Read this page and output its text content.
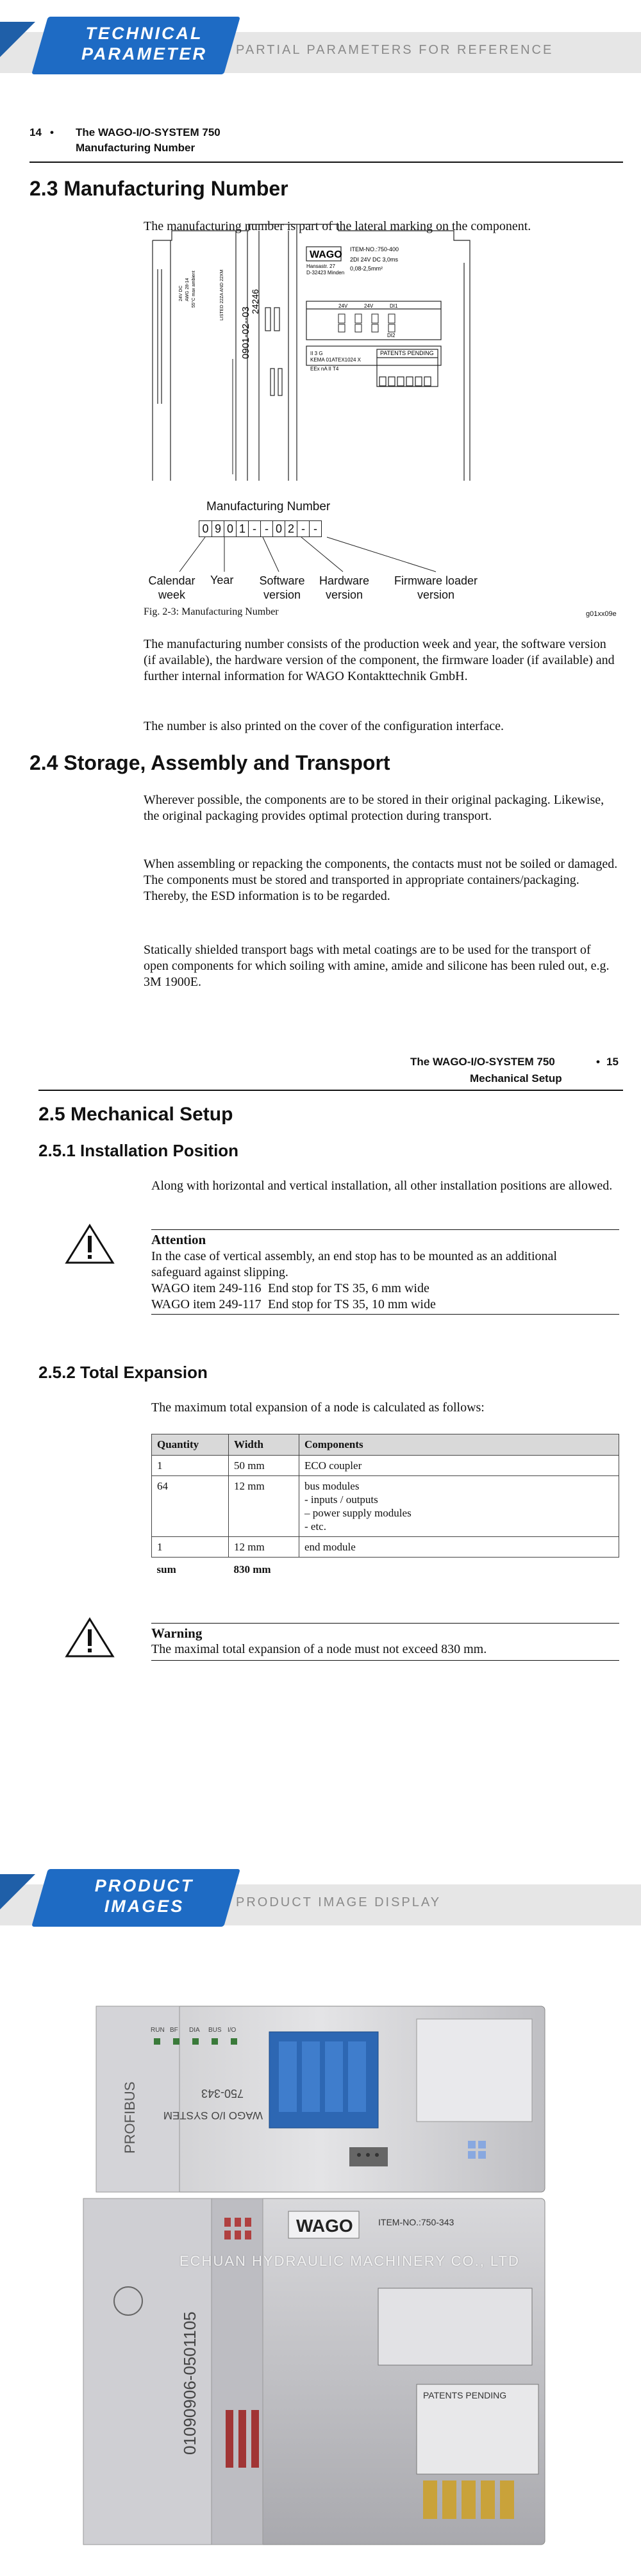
TECHNICAL PARAMETER	PARTIAL PARAMETERS FOR REFERENCE
14 • The WAGO-I/O-SYSTEM 750
Manufacturing Number
2.3 Manufacturing Number
The manufacturing number is part of the lateral marking on the component.
WAGO ITEM-NO.:750-400
Hansastr. 27
D-32423 Minden
2DI 24V DC 3,0ms
0,08-2,5mm²
24V	24V	DI1
DI2
PATENTS PENDING
II 3 G
KEMA 01ATEX1024 X
EEx nA II T4
0901-02--03
24246
24V DC AWG 28-14 55°C max ambient	LISTED 22ZA AND 22XM
Manufacturing Number
0 9 0 1 - - 0 2 - -
Calendar week
Year	Software version
Hardware version
Firmware loader version
Fig. 2-3: Manufacturing Number	g01xx09e
The manufacturing number consists of the production week and year, the software version (if available), the hardware version of the component, the firmware loader (if available) and further internal information for WAGO Kontakttechnik GmbH.
The number is also printed on the cover of the configuration interface.
2.4 Storage, Assembly and Transport
Wherever possible, the components are to be stored in their original packaging. Likewise, the original packaging provides optimal protection during transport.
When assembling or repacking the components, the contacts must not be soiled or damaged. The components must be stored and transported in appropriate containers/packaging. Thereby, the ESD information is to be regarded.
Statically shielded transport bags with metal coatings are to be used for the transport of open components for which soiling with amine, amide and silicone has been ruled out, e.g. 3M 1900E.
The WAGO-I/O-SYSTEM 750	• 15
Mechanical Setup
2.5 Mechanical Setup
2.5.1 Installation Position
Along with horizontal and vertical installation, all other installation positions are allowed.
Attention
In the case of vertical assembly, an end stop has to be mounted as an additional safeguard against slipping.
WAGO item 249-116 End stop for TS 35, 6 mm wide
WAGO item 249-117 End stop for TS 35, 10 mm wide
2.5.2 Total Expansion
The maximum total expansion of a node is calculated as follows:
Quantity	Width	Components
1	50 mm	ECO coupler
64	12 mm	bus modules
- inputs / outputs
– power supply modules
- etc.

1	12 mm	end module
sum	830 mm	
Warning
The maximal total expansion of a node must not exceed 830 mm.
PRODUCT IMAGES	PRODUCT IMAGE DISPLAY
PROFIBUS	750-343
WAGO I/O SYSTEM
RUN BF DIA BUS I/O
WAGO	ITEM-NO.:750-343
PATENTS PENDING
01090906-0501105
ECHUAN HYDRAULIC MACHINERY CO., LTD
